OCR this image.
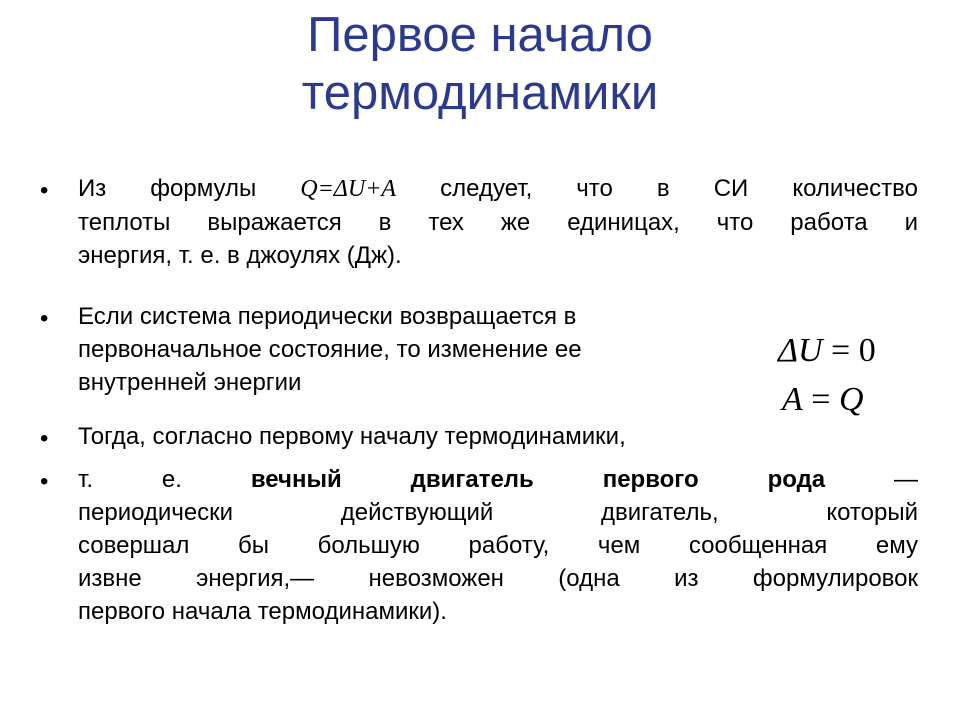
Первое начало
термодинамики
• Из формулы Q=ΔU+A следует, что в СИ количество
теплоты выражается в тех же единицах, что работа и
энергия, т. е. в джоулях (Дж).
• Если система периодически возвращается в
первоначальное состояние, то изменение ее
внутренней энергии
ΔU = 0
A = Q
• Тогда, согласно первому началу термодинамики,
• т. е.	вечный	двигатель	первого	рода —
периодически действующий двигатель, который
совершал бы большую работу, чем сообщенная ему
извне энергия,— невозможен (одна из формулировок
первого начала термодинамики).
